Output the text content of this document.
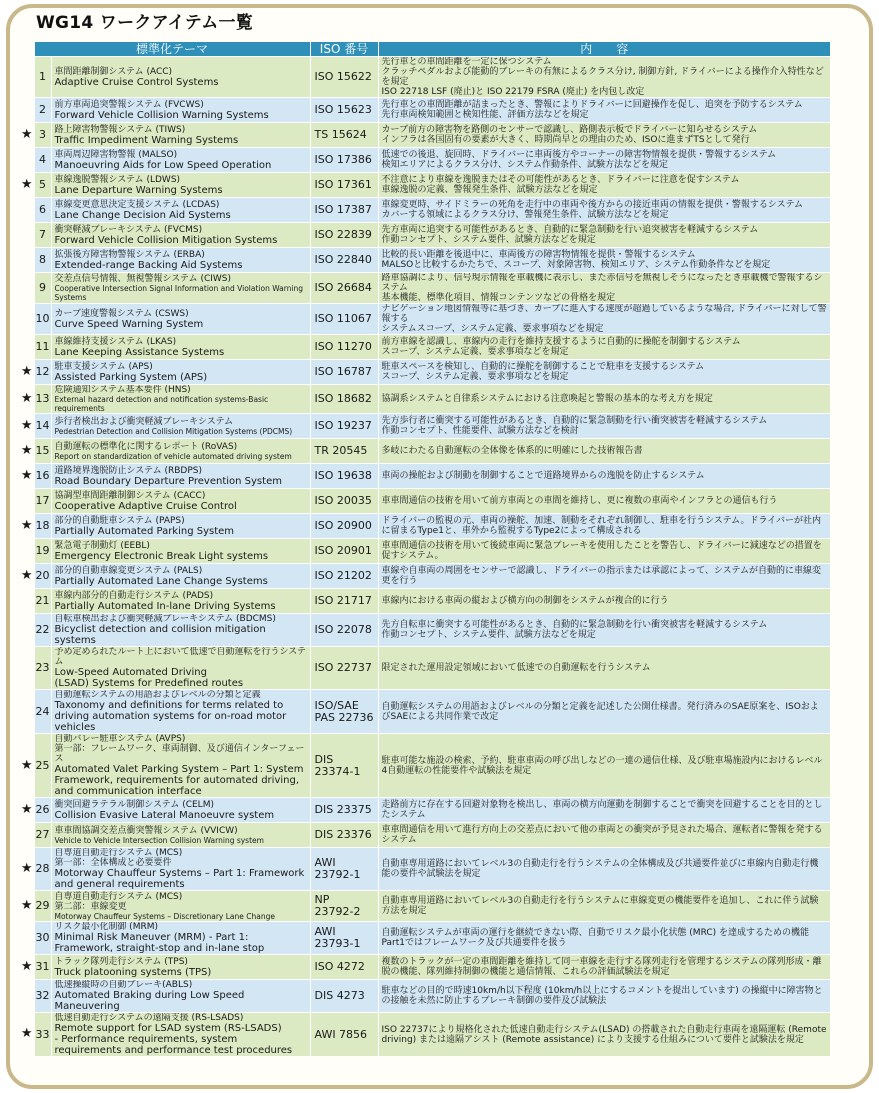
WG14 ワークアイテム一覧
	標準化テーマ		ISO 番号	内　　容
	1	車間距離制御システム (ACC)
Adaptive Cruise Control Systems	ISO 15622	先行車との車間距離を一定に保つシステム
クラッチペダルおよび能動的ブレーキの有無によるクラス分け, 制御方針, ドライバーによる操作介入特性などを規定
ISO 22718 LSF (廃止)と ISO 22179 FSRA (廃止) を内包し改定

	2	前方車両追突警報システム (FVCWS)
Forward Vehicle Collision Warning Systems	ISO 15623	先行車との車間距離が詰まったとき、警報によりドライバーに回避操作を促し、追突を予防するシステム
先行車両検知範囲と検知性能、評価方法などを規定

★	3	路上障害物警報システム (TIWS)
Traffic Impediment Warning Systems	TS 15624	カーブ前方の障害物を路側のセンサーで認識し、路側表示板でドライバーに知らせるシステム
インフラは各国固有の要素が大きく、時期尚早との理由のため、ISOに進まずTSとして発行

	4	車両周辺障害物警報 (MALSO)
Manoeuvring Aids for Low Speed Operation	ISO 17386	低速での後退、旋回時、ドライバーに車両後方やコーナーの障害物情報を提供・警報するシステム
検知エリアによるクラス分け、システム作動条件、試験方法などを規定

★	5	車線逸脱警報システム (LDWS)
Lane Departure Warning Systems	ISO 17361	不注意により車線を逸脱またはその可能性があるとき、ドライバーに注意を促すシステム
車線逸脱の定義、警報発生条件、試験方法などを規定

	6	車線変更意思決定支援システム (LCDAS)
Lane Change Decision Aid Systems	ISO 17387	車線変更時、サイドミラーの死角を走行中の車両や後方からの接近車両の情報を提供・警報するシステム
カバーする領域によるクラス分け、警報発生条件、試験方法などを規定

	7	衝突軽減ブレーキシステム (FVCMS)
Forward Vehicle Collision Mitigation Systems	ISO 22839	先方車両に追突する可能性があるとき、自動的に緊急制動を行い追突被害を軽減するシステム
作動コンセプト、システム要件、試験方法などを規定

	8	拡張後方障害物警報システム (ERBA)
Extended-range Backing Aid Systems	ISO 22840	比較的長い距離を後退中に、車両後方の障害物情報を提供・警報するシステム
MALSOと比較するかたちで、スコープ、対象障害物、検知エリア、システム作動条件などを規定

	9	交差点信号情報、無視警報システム (CIWS)
Cooperative Intersection Signal Information and Violation Warning Systems	ISO 26684	路車協調により、信号現示情報を車載機に表示し、また赤信号を無視しそうになったとき車載機で警報するシステム
基本機能、標準化項目、情報コンテンツなどの骨格を規定

	10	カーブ速度警報システム (CSWS)
Curve Speed Warning System	ISO 11067	ナビゲーション地図情報等に基づき、カーブに進入する速度が超過しているような場合, ドライバーに対して警報する
システムスコープ、システム定義、要求事項などを規定

	11	車線維持支援システム (LKAS)
Lane Keeping Assistance Systems	ISO 11270	前方車線を認識し、車線内の走行を維持支援するように自動的に操舵を制御するシステム
スコープ、システム定義、要求事項などを規定

★	12	駐車支援システム (APS)
Assisted Parking System (APS)	ISO 16787	駐車スペースを検知し、自動的に操舵を制御することで駐車を支援するシステム
スコープ、システム定義、要求事項などを規定

★	13	危険通知システム基本要件 (HNS)
External hazard detection and notification systems-Basic requirements	ISO 18682	協調系システムと自律系システムにおける注意喚起と警報の基本的な考え方を規定

★	14	歩行者検出および衝突軽減ブレーキシステム
Pedestrian Detection and Collision Mitigation Systems (PDCMS)	ISO 19237	先方歩行者に衝突する可能性があるとき、自動的に緊急制動を行い衝突被害を軽減するシステム
作動コンセプト、性能要件、試験方法などを検討

★	15	自動運転の標準化に関するレポート (RoVAS)
Report on standardization of vehicle automated driving system	TR 20545	多岐にわたる自動運転の全体像を体系的に明確にした技術報告書

★	16	道路境界逸脱防止システム (RBDPS)
Road Boundary Departure Prevention System	ISO 19638	車両の操舵および制動を制御することで道路境界からの逸脱を防止するシステム

	17	協調型車間距離制御システム (CACC)
Cooperative Adaptive Cruise Control	ISO 20035	車車間通信の技術を用いて前方車両との車間を維持し、更に複数の車両やインフラとの通信も行う

★	18	部分的自動駐車システム (PAPS)
Partially Automated Parking System	ISO 20900	ドライバーの監視の元、車両の操舵、加速、制動をそれぞれ制御し、駐車を行うシステム。ドライバーが社内に留まるType1と、車外から監視するType2によって構成される

	19	緊急電子制動灯 (EEBL)
Emergency Electronic Break Light systems	ISO 20901	車車間通信の技術を用いて後続車両に緊急ブレーキを使用したことを警告し、ドライバーに減速などの措置を促すシステム。

★	20	部分的自動車線変更システム (PALS)
Partially Automated Lane Change Systems	ISO 21202	車線や自車両の周囲をセンサーで認識し、ドライバーの指示または承認によって、システムが自動的に車線変更を行う

	21	車線内部分的自動走行システム (PADS)
Partially Automated In-lane Driving Systems	ISO 21717	車線内における車両の縦および横方向の制御をシステムが複合的に行う

	22	自転車検出および衝突軽減ブレーキシステム (BDCMS)
Bicyclist detection and collision mitigation systems	ISO 22078	先方自転車に衝突する可能性があるとき、自動的に緊急制動を行い衝突被害を軽減するシステム
作動コンセプト、システム要件、試験方法などを規定

	23	予め定められたルート上において低速で自動運転を行うシステム
Low-Speed Automated Driving
(LSAD) Systems for Predefined routes	ISO 22737	限定された運用設定領域において低速での自動運転を行うシステム

	24	自動運転システムの用語およびレベルの分類と定義
Taxonomy and definitions for terms related to driving automation systems for on-road motor vehicles	ISO/SAE
PAS 22736	自動運転システムの用語およびレベルの分類と定義を記述した公開仕様書。発行済みのSAE原案を、ISOおよびSAEによる共同作業で改定

★	25	自動バレー駐車システム (AVPS)
第一部：フレームワーク、車両制御、及び通信インターフェース
Automated Valet Parking System – Part 1: System Framework, requirements for automated driving, and communication interface	DIS
23374-1	駐車可能な施設の検索、予約、駐車車両の呼び出しなどの一連の通信仕様、及び駐車場施設内におけるレベル4自動運転の性能要件や試験法を規定

★	26	衝突回避ラテラル制御システム (CELM)
Collision Evasive Lateral Manoeuvre system	DIS 23375	走路前方に存在する回避対象物を検出し、車両の横方向運動を制御することで衝突を回避することを目的としたシステム

	27	車車間協調交差点衝突警報システム (VVICW)
Vehicle to Vehicle Intersection Collision Warning system	DIS 23376	車車間通信を用いて進行方向上の交差点において他の車両との衝突が予見された場合、運転者に警報を発するシステム

★	28	自専道自動走行システム (MCS)
第一部：全体構成と必要要件
Motorway Chauffeur Systems – Part 1: Framework and general requirements	AWI
23792-1	自動車専用道路においてレベル3の自動走行を行うシステムの全体構成及び共通要件並びに車線内自動走行機能の要件や試験法を規定

★	29	自専道自動走行システム (MCS)
第二部：車線変更
Motorway Chauffeur Systems – Discretionary Lane Change	NP
23792-2	自動車専用道路においてレベル3の自動走行を行うシステムに車線変更の機能要件を追加し、これに伴う試験方法を規定

	30	リスク最小化制御 (MRM)
Minimal Risk Maneuver (MRM) - Part 1: Framework, straight-stop and in-lane stop	AWI 23793-1	自動運転システムが車両の運行を継続できない際、自動でリスク最小化状態 (MRC) を達成するための機能　Part1ではフレームワーク及び共通要件を扱う

★	31	トラック隊列走行システム (TPS)
Truck platooning systems (TPS)	ISO 4272	複数のトラックが一定の車間距離を維持して同一車線を走行する隊列走行を管理するシステムの隊列形成・離脱の機能、隊列維持制御の機能と通信情報、これらの評価試験法を規定

	32	低速操縦時の自動ブレーキ(ABLS)
Automated Braking during Low Speed Maneuvering	DIS 4273	駐車などの目的で時速10km/h以下程度 (10km/h以上にするコメントを提出しています) の操縦中に障害物との接触を未然に防止するブレーキ制御の要件及び試験法

★	33	低速自動走行システムの遠隔支援 (RS-LSADS)
Remote support for LSAD system (RS-LSADS)
- Performance requirements, system requirements and performance test procedures	AWI 7856	ISO 22737により規格化された低速自動走行システム(LSAD) の搭載された自動走行車両を遠隔運転 (Remote driving) または遠隔アシスト (Remote assistance) により支援する仕組みについて要件と試験法を規定
